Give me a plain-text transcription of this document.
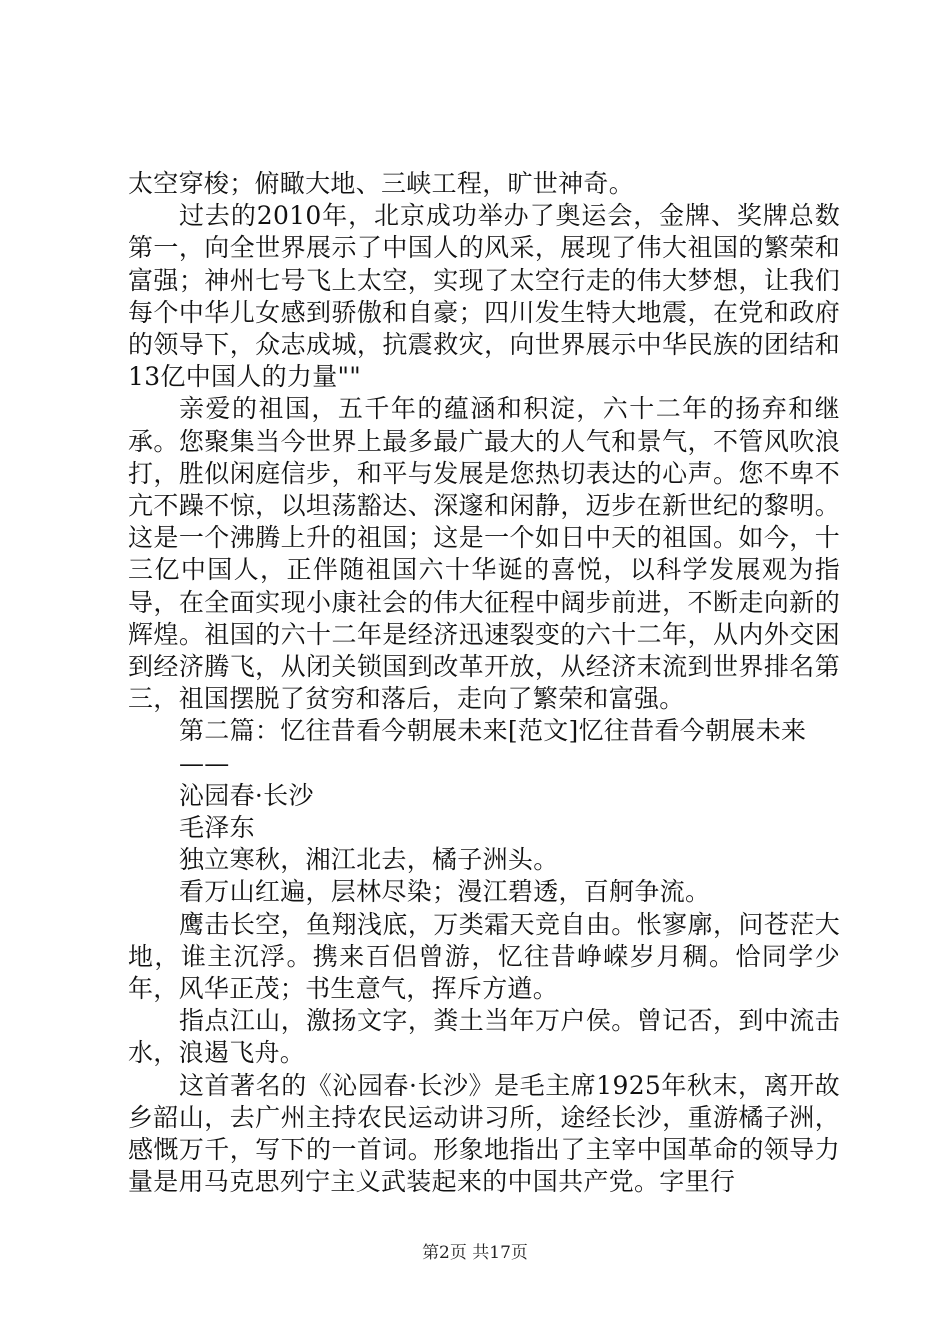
太空穿梭；俯瞰大地、三峡工程，旷世神奇。

过去的2010年，北京成功举办了奥运会，金牌、奖牌总数第一，向全世界展示了中国人的风采，展现了伟大祖国的繁荣和富强；神州七号飞上太空，实现了太空行走的伟大梦想，让我们每个中华儿女感到骄傲和自豪；四川发生特大地震，在党和政府的领导下，众志成城，抗震救灾，向世界展示中华民族的团结和13亿中国人的力量""

亲爱的祖国，五千年的蕴涵和积淀，六十二年的扬弃和继承。您聚集当今世界上最多最广最大的人气和景气，不管风吹浪打，胜似闲庭信步，和平与发展是您热切表达的心声。您不卑不亢不躁不惊，以坦荡豁达、深邃和闲静，迈步在新世纪的黎明。这是一个沸腾上升的祖国；这是一个如日中天的祖国。如今，十三亿中国人，正伴随祖国六十华诞的喜悦，以科学发展观为指导，在全面实现小康社会的伟大征程中阔步前进，不断走向新的辉煌。祖国的六十二年是经济迅速裂变的六十二年，从内外交困到经济腾飞，从闭关锁国到改革开放，从经济末流到世界排名第三，祖国摆脱了贫穷和落后，走向了繁荣和富强。

第二篇：忆往昔看今朝展未来[范文]忆往昔看今朝展未来

——

沁园春·长沙

毛泽东

独立寒秋，湘江北去，橘子洲头。

看万山红遍，层林尽染；漫江碧透，百舸争流。

鹰击长空，鱼翔浅底，万类霜天竞自由。怅寥廓，问苍茫大地，谁主沉浮。携来百侣曾游，忆往昔峥嵘岁月稠。恰同学少年，风华正茂；书生意气，挥斥方遒。

指点江山，激扬文字，粪土当年万户侯。曾记否，到中流击水，浪遏飞舟。

这首著名的《沁园春·长沙》是毛主席1925年秋末，离开故乡韶山，去广州主持农民运动讲习所，途经长沙，重游橘子洲，感慨万千，写下的一首词。形象地指出了主宰中国革命的领导力量是用马克思列宁主义武装起来的中国共产党。字里行

第2页 共17页
